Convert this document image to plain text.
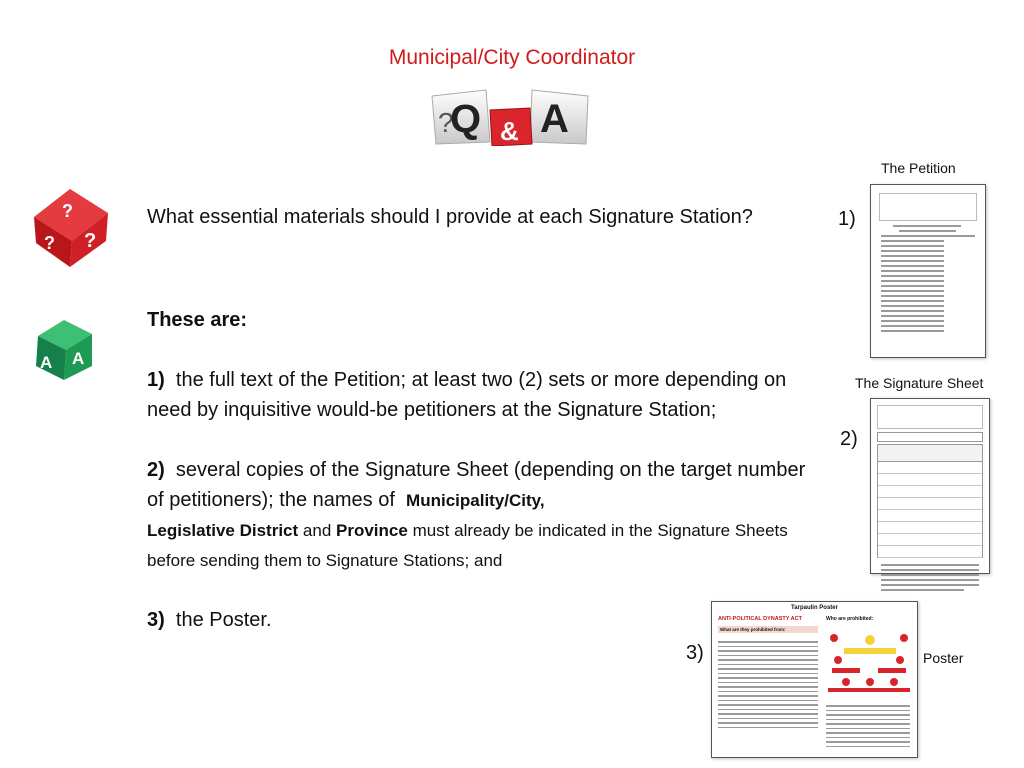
Municipal/City Coordinator
?
Q A
&
?
? ?
A A
What essential materials should I provide at each Signature Station?

These are:

1) the full text of the Petition; at least two (2) sets or more depending on need by inquisitive would-be petitioners at the Signature Station;

2) several copies of the Signature Sheet (depending on the target number of petitioners); the names of Municipality/City,
Legislative District and Province must already be indicated in the Signature Sheets before sending them to Signature Stations; and

3) the Poster.

The Petition
1)
The Signature Sheet
2)
3)	Poster
Tarpaulin Poster
ANTI-POLITICAL DYNASTY ACT
What are they prohibited from:
Who are prohibited:
